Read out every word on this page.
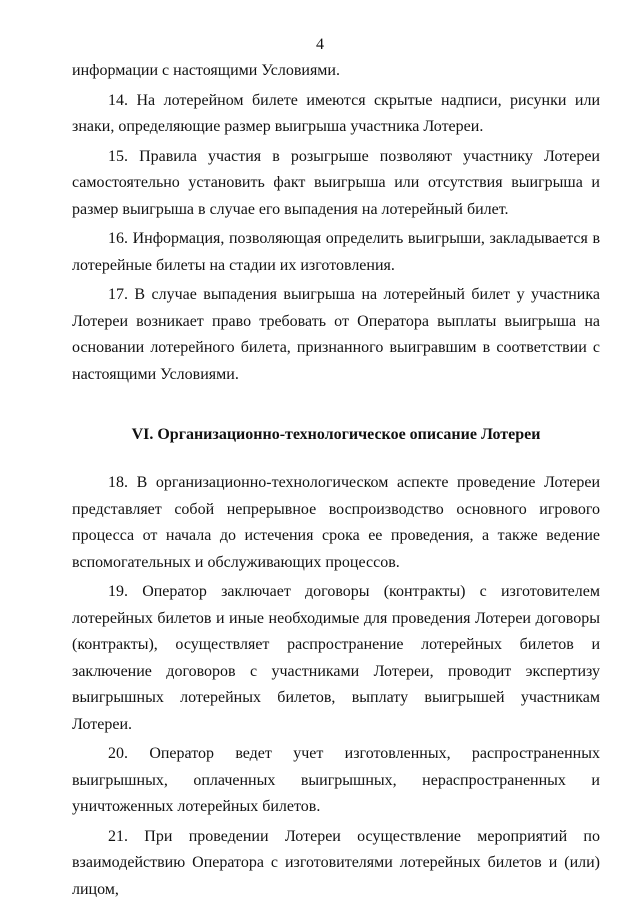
4

информации с настоящими Условиями.

14. На лотерейном билете имеются скрытые надписи, рисунки или знаки, определяющие размер выигрыша участника Лотереи.

15. Правила участия в розыгрыше позволяют участнику Лотереи самостоятельно установить факт выигрыша или отсутствия выигрыша и размер выигрыша в случае его выпадения на лотерейный билет.

16. Информация, позволяющая определить выигрыши, закладывается в лотерейные билеты на стадии их изготовления.

17. В случае выпадения выигрыша на лотерейный билет у участника Лотереи возникает право требовать от Оператора выплаты выигрыша на основании лотерейного билета, признанного выигравшим в соответствии с настоящими Условиями.

VI. Организационно-технологическое описание Лотереи

18. В организационно-технологическом аспекте проведение Лотереи представляет собой непрерывное воспроизводство основного игрового процесса от начала до истечения срока ее проведения, а также ведение вспомогательных и обслуживающих процессов.

19. Оператор заключает договоры (контракты) с изготовителем лотерейных билетов и иные необходимые для проведения Лотереи договоры (контракты), осуществляет распространение лотерейных билетов и заключение договоров с участниками Лотереи, проводит экспертизу выигрышных лотерейных билетов, выплату выигрышей участникам Лотереи.

20. Оператор ведет учет изготовленных, распространенных выигрышных, оплаченных выигрышных, нераспространенных и уничтоженных лотерейных билетов.

21. При проведении Лотереи осуществление мероприятий по взаимодействию Оператора с изготовителями лотерейных билетов и (или) лицом,
